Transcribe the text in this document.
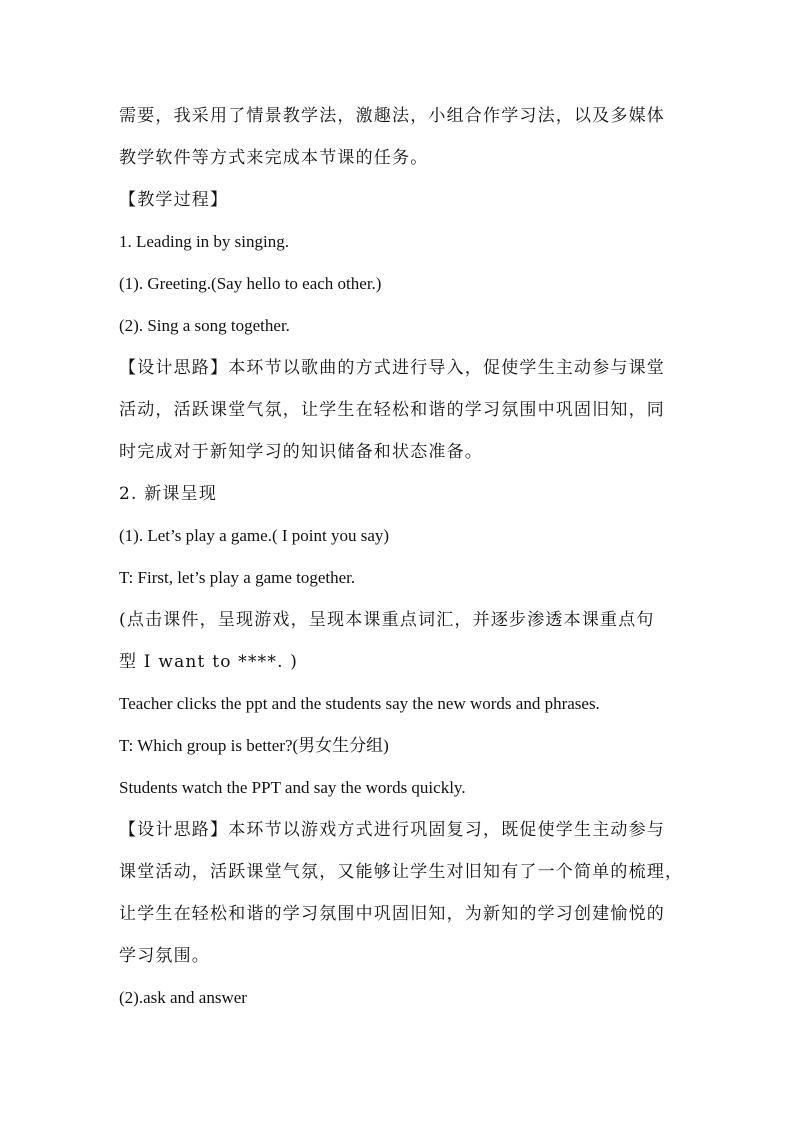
需要，我采用了情景教学法，激趣法，小组合作学习法，以及多媒体
教学软件等方式来完成本节课的任务。
【教学过程】
1. Leading in by singing.
(1). Greeting.(Say hello to each other.)
(2). Sing a song together.
【设计思路】本环节以歌曲的方式进行导入，促使学生主动参与课堂
活动，活跃课堂气氛，让学生在轻松和谐的学习氛围中巩固旧知，同
时完成对于新知学习的知识储备和状态准备。
2. 新课呈现
(1). Let’s play a game.( I point you say)
T: First, let’s play a game together.
(点击课件，呈现游戏，呈现本课重点词汇，并逐步渗透本课重点句
型 I want to ****. )
Teacher clicks the ppt and the students say the new words and phrases.
T: Which group is better?(男女生分组)
Students watch the PPT and say the words quickly.
【设计思路】本环节以游戏方式进行巩固复习，既促使学生主动参与
课堂活动，活跃课堂气氛，又能够让学生对旧知有了一个简单的梳理，
让学生在轻松和谐的学习氛围中巩固旧知，为新知的学习创建愉悦的
学习氛围。
(2).ask and answer
